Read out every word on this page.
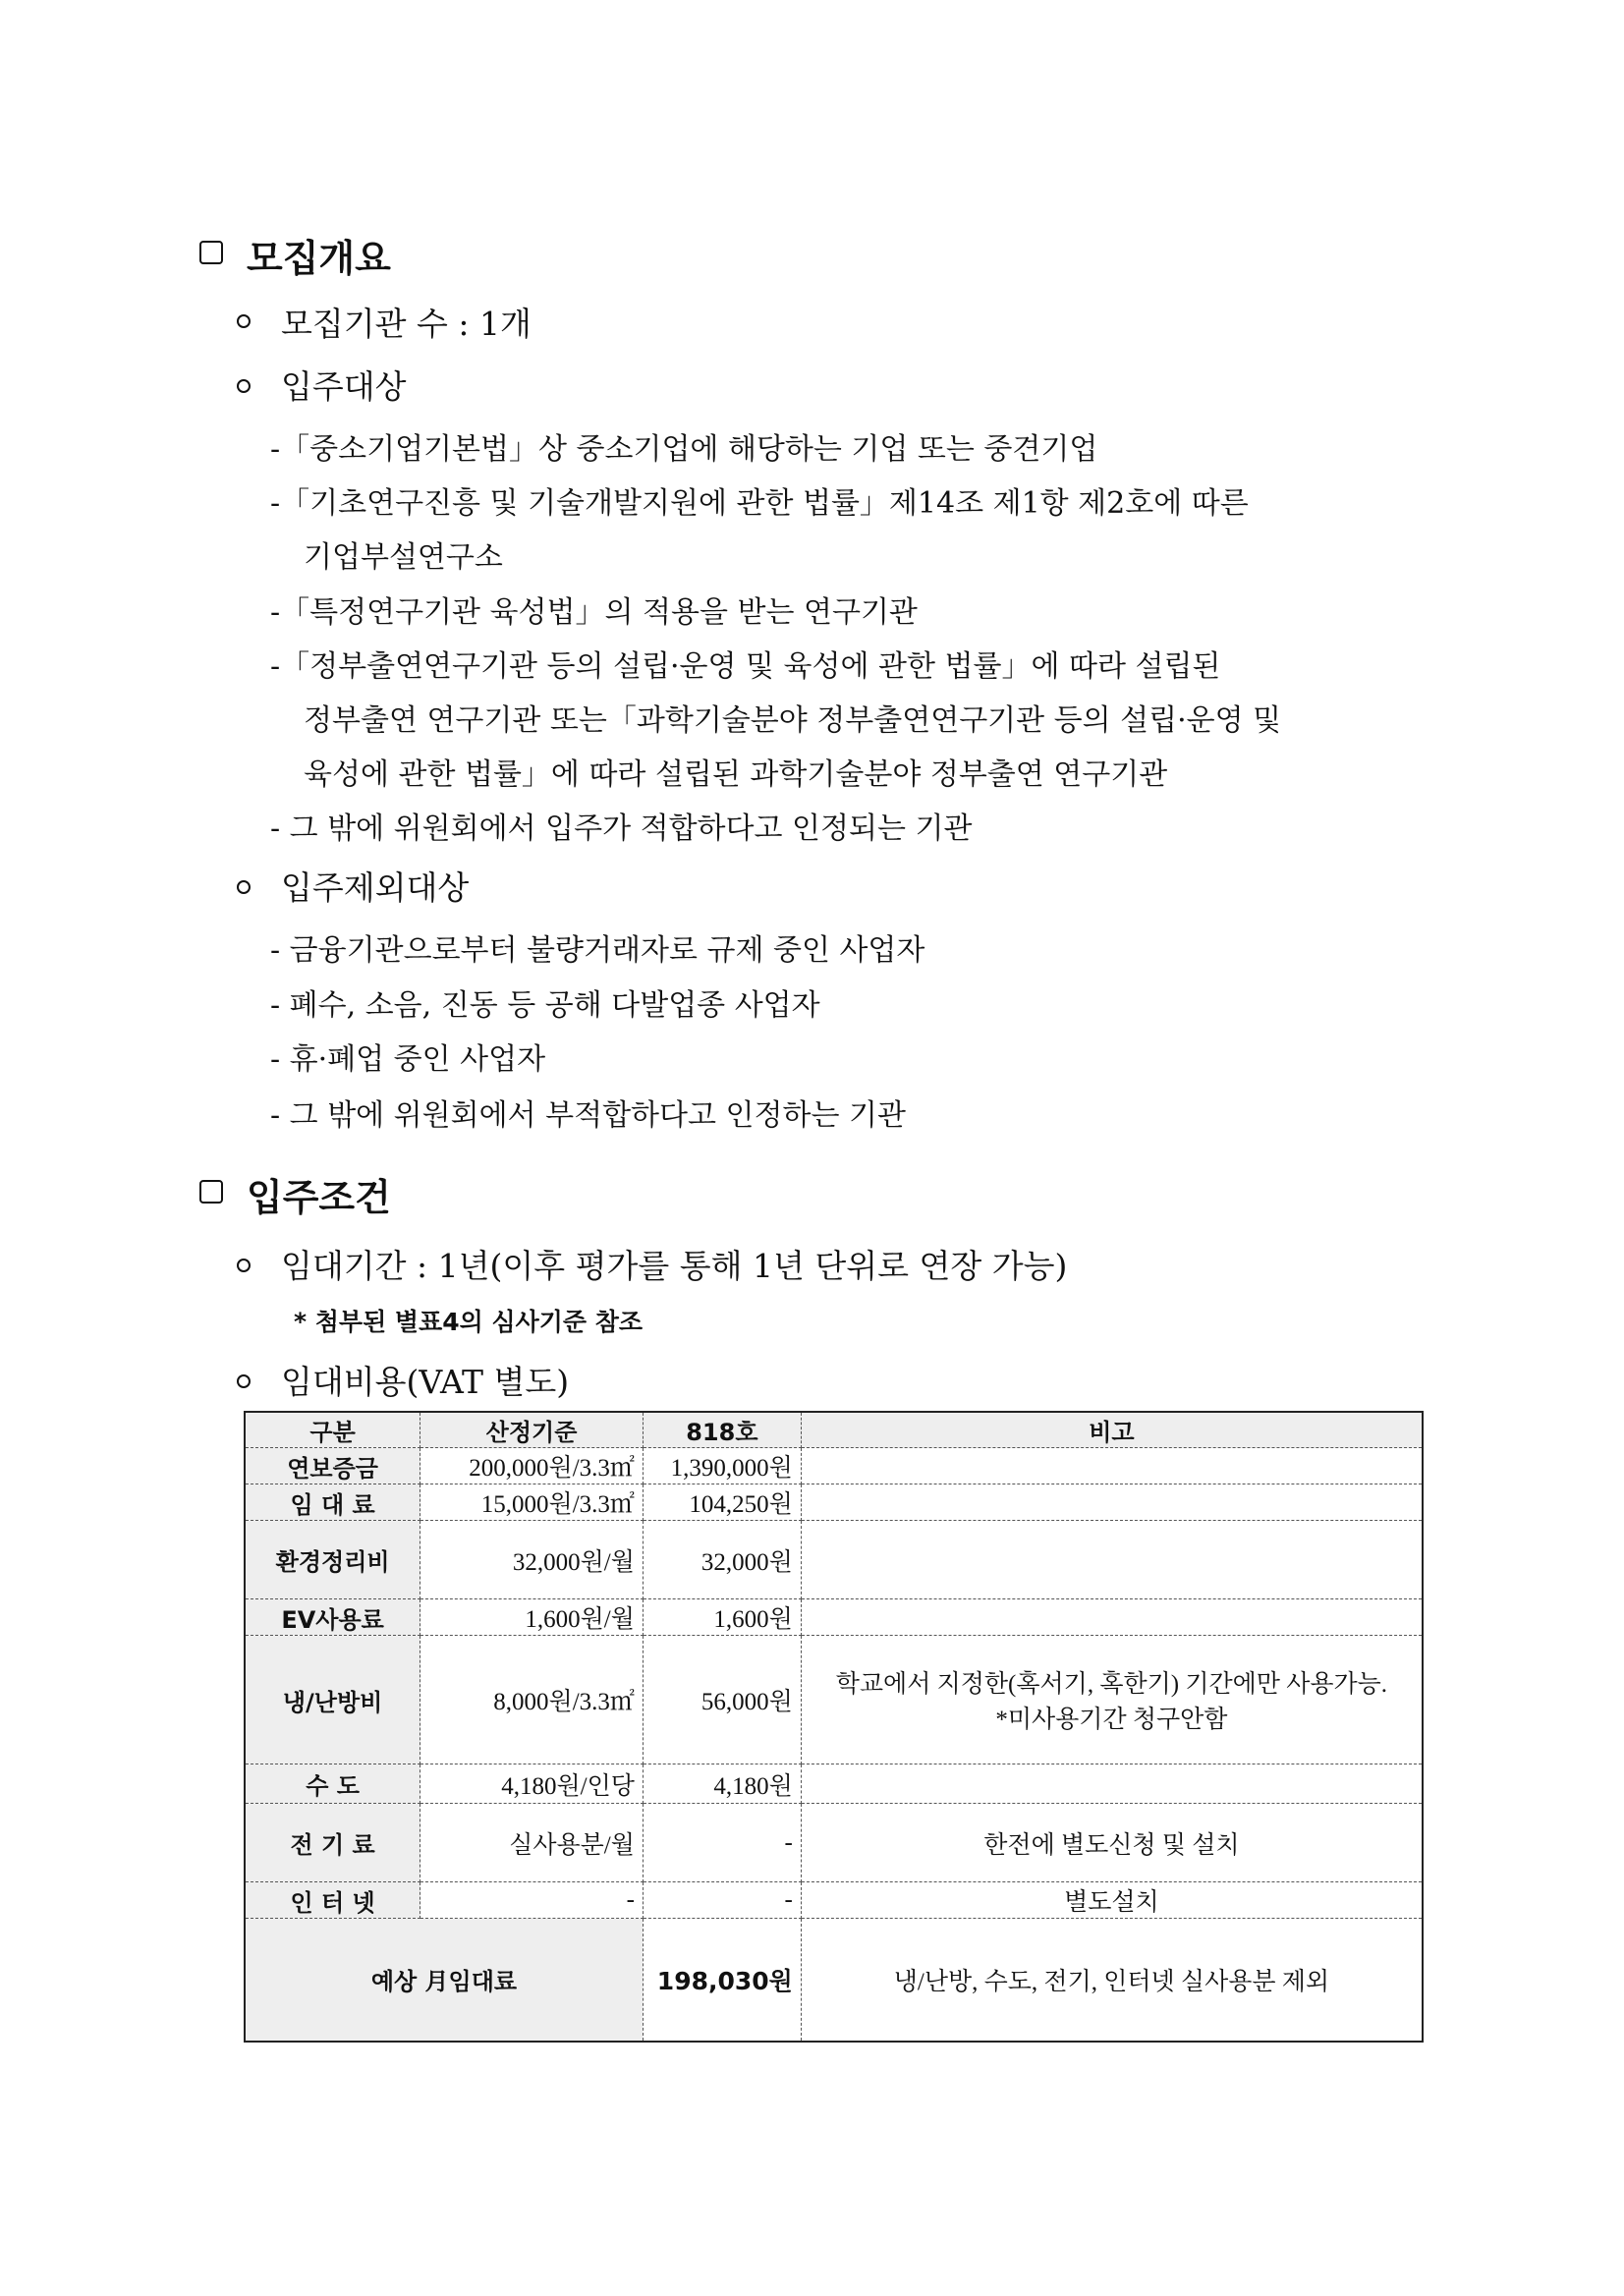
모집개요
모집기관 수 : 1개
입주대상
-「중소기업기본법」상 중소기업에 해당하는 기업 또는 중견기업
-「기초연구진흥 및 기술개발지원에 관한 법률」제14조 제1항 제2호에 따른
기업부설연구소
-「특정연구기관 육성법」의 적용을 받는 연구기관
-「정부출연연구기관 등의 설립·운영 및 육성에 관한 법률」에 따라 설립된
정부출연 연구기관 또는「과학기술분야 정부출연연구기관 등의 설립·운영 및
육성에 관한 법률」에 따라 설립된 과학기술분야 정부출연 연구기관
- 그 밖에 위원회에서 입주가 적합하다고 인정되는 기관
입주제외대상
- 금융기관으로부터 불량거래자로 규제 중인 사업자
- 폐수, 소음, 진동 등 공해 다발업종 사업자
- 휴·폐업 중인 사업자
- 그 밖에 위원회에서 부적합하다고 인정하는 기관
입주조건
임대기간 : 1년(이후 평가를 통해 1년 단위로 연장 가능)
* 첨부된 별표4의 심사기준 참조
임대비용(VAT 별도)
구분	산정기준	818호	비고
연보증금	200,000원/3.3㎡	1,390,000원	
임 대 료	15,000원/3.3㎡	104,250원	
환경정리비	32,000원/월	32,000원	
EV사용료	1,600원/월	1,600원	
냉/난방비	8,000원/3.3㎡	56,000원	학교에서 지정한(혹서기, 혹한기) 기간에만 사용가능.
*미사용기간 청구안함

수 도	4,180원/인당	4,180원	
전 기 료	실사용분/월	-	한전에 별도신청 및 설치
인 터 넷	-	-	별도설치
예상 月임대료		198,030원	냉/난방, 수도, 전기, 인터넷 실사용분 제외
